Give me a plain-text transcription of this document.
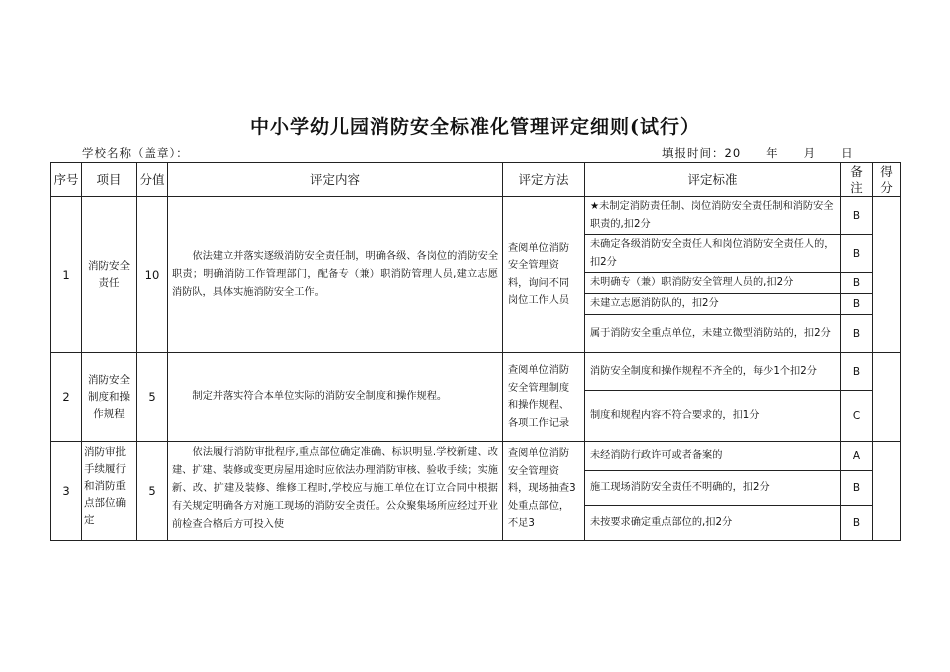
中小学幼儿园消防安全标准化管理评定细则(试行）
学校名称（盖章）：	填报时间：20　　年　　月　　日
序号	项目	分值	评定内容	评定方法	评定标准	备注	得分
1	消防安全责任	10	依法建立并落实逐级消防安全责任制，明确各级、各岗位的消防安全职责；明确消防工作管理部门，配备专（兼）职消防管理人员,建立志愿消防队，具体实施消防安全工作。	查阅单位消防安全管理资料，询问不同岗位工作人员	★未制定消防责任制、岗位消防安全责任制和消防安全职责的,扣2分	B	
					未确定各级消防安全责任人和岗位消防安全责任人的，扣2分	B	
					未明确专（兼）职消防安全管理人员的,扣2分	B	
					未建立志愿消防队的，扣2分	B	
					属于消防安全重点单位，未建立微型消防站的，扣2分	B	
2	消防安全制度和操作规程	5	制定并落实符合本单位实际的消防安全制度和操作规程。	查阅单位消防安全管理制度和操作规程、各项工作记录	消防安全制度和操作规程不齐全的，每少1个扣2分	B	
					制度和规程内容不符合要求的，扣1分	C	
3	消防审批手续履行和消防重点部位确定	5	依法履行消防审批程序,重点部位确定准确、标识明显.学校新建、改建、扩建、装修或变更房屋用途时应依法办理消防审核、验收手续；实施新、改、扩建及装修、维修工程时,学校应与施工单位在订立合同中根据有关规定明确各方对施工现场的消防安全责任。公众聚集场所应经过开业前检查合格后方可投入使	查阅单位消防安全管理资料，现场抽查3处重点部位，不足3	未经消防行政许可或者备案的	A	
					施工现场消防安全责任不明确的，扣2分	B	
					未按要求确定重点部位的,扣2分	B	
